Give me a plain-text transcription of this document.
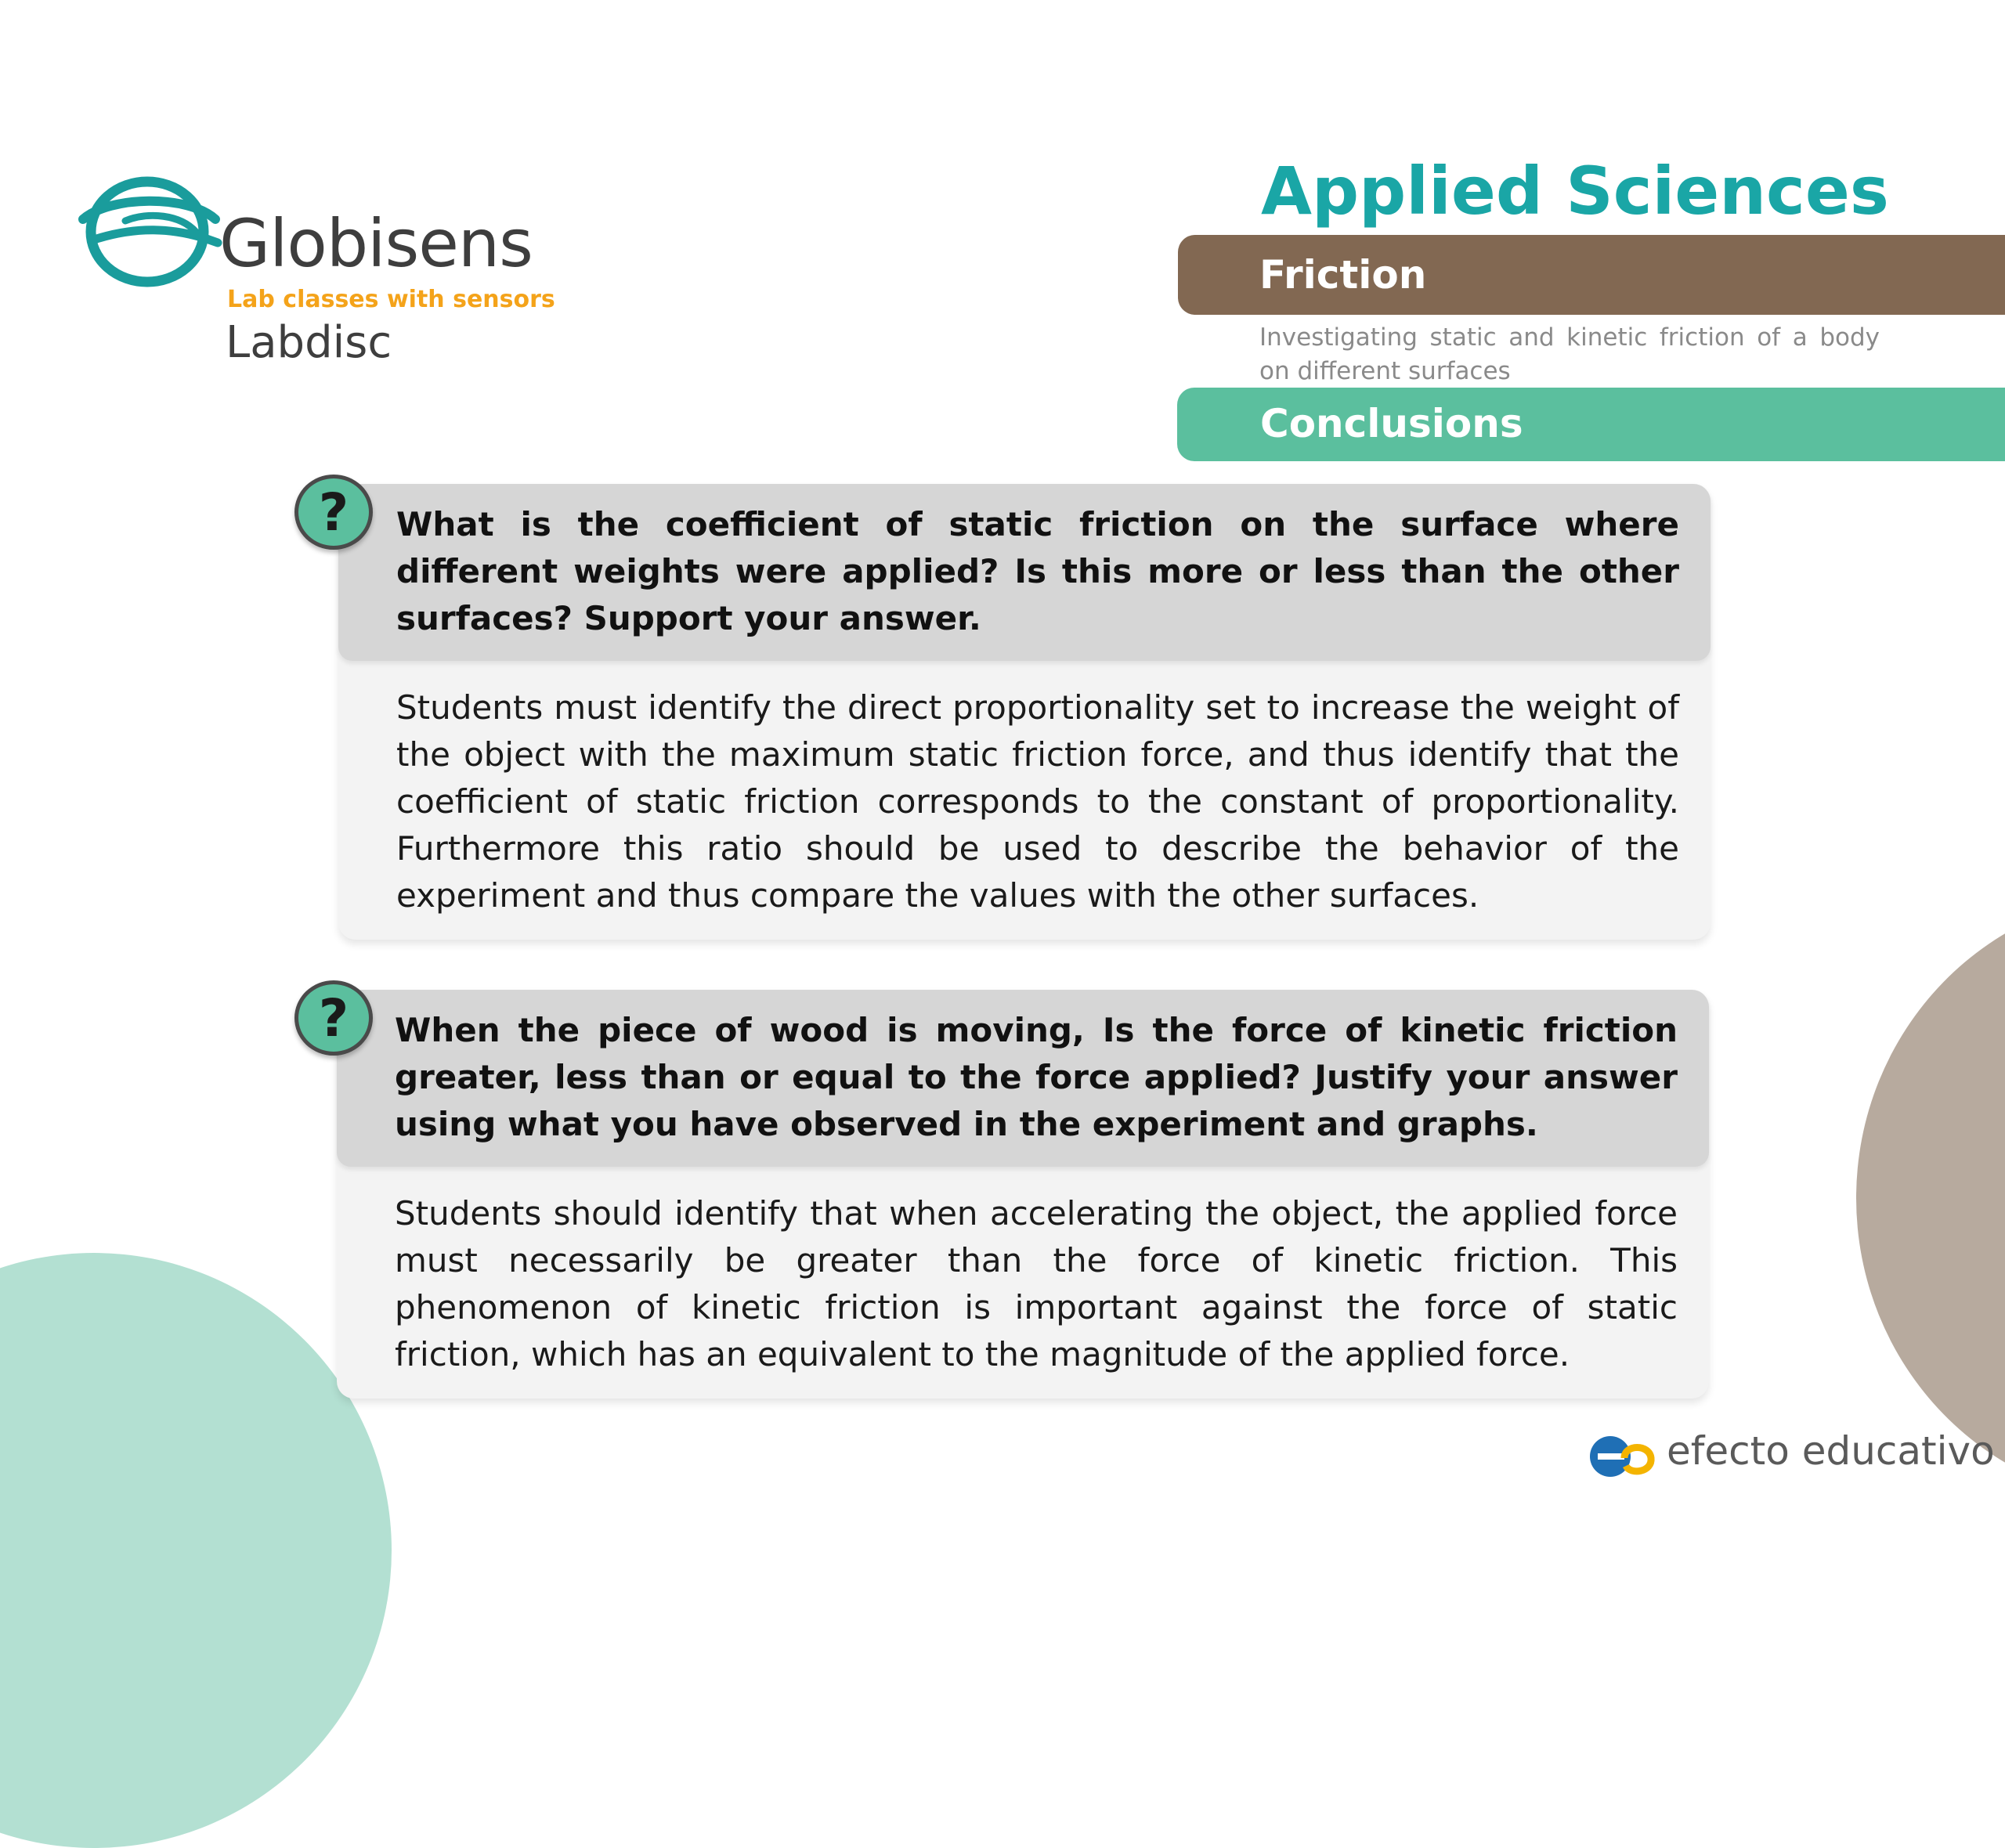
Globisens
Lab classes with sensors
Labdisc
Applied Sciences
Friction
Investigating static and kinetic friction of a body on different surfaces
Conclusions
What is the coefficient of static friction on the surface where different weights were applied? Is this more or less than the other surfaces? Support your answer.
Students must identify the direct proportionality set to increase the weight of the object with the maximum static friction force, and thus identify that the coefficient of static friction corresponds to the constant of proportionality. Furthermore this ratio should be used to describe the behavior of the experiment and thus compare the values with the other surfaces.
?
When the piece of wood is moving, Is the force of kinetic friction greater, less than or equal to the force applied? Justify your answer using what you have observed in the experiment and graphs.
Students should identify that when accelerating the object, the applied force must necessarily be greater than the force of kinetic friction. This phenomenon of kinetic friction is important against the force of static friction, which has an equivalent to the magnitude of the applied force.
?
efecto educativo
